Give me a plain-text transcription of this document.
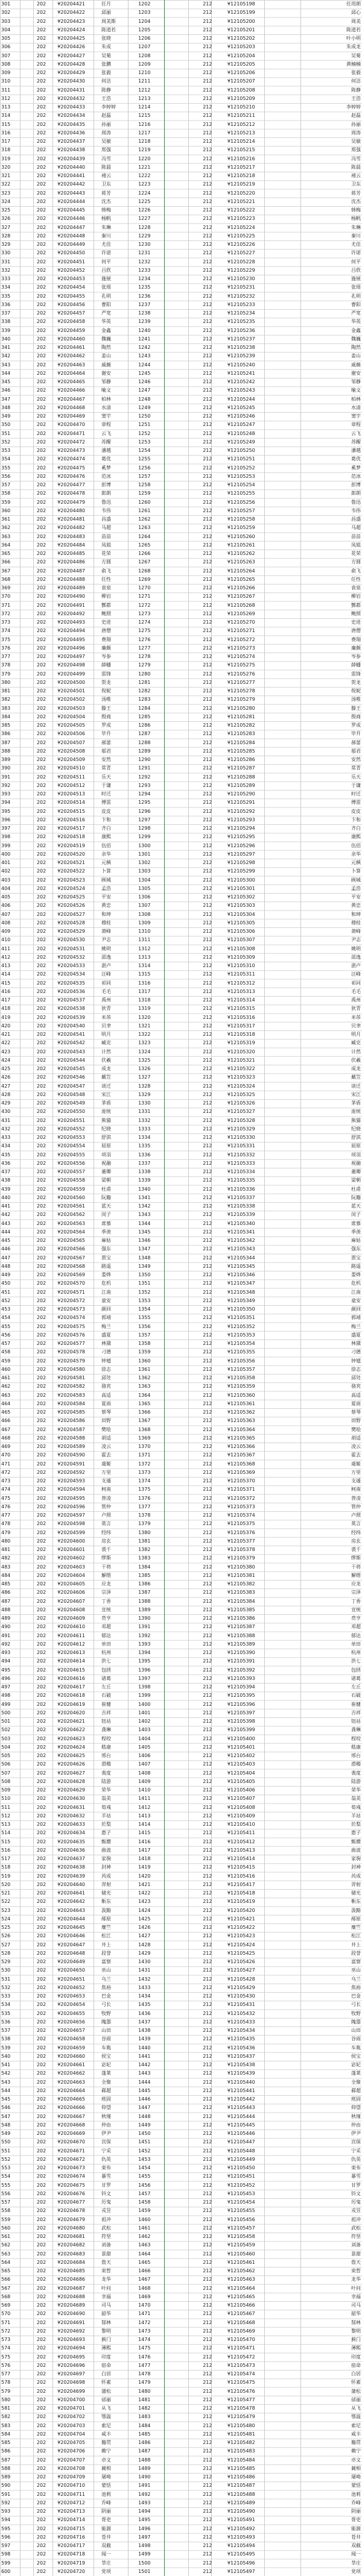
301		202	¥20204421	任月	1202		212	¥12105198		任用朗
302		202	¥20204422	邱丽	1203		212	¥12105199		邱心
303		202	¥20204423	周美斯	1204		212	¥12105200		周美
304		202	¥20204424	陈道若	1205		212	¥12105201		陈道若
305		202	¥20204425	张晓	1206		212	¥12105202		叶小明
306		202	¥20204426	朱成	1207		212	¥12105203		朱成龙
307		202	¥20204427	吴菊	1208		212	¥12105204		吴菊
308		202	¥20204428	张鹏	1209		212	¥12105205		黄楠楠
309		202	¥20204429	张毅	1210		212	¥12105206		张毅
310		202	¥20204430	何洁	1211		212	¥12105207		何洁
311		202	¥20204431	陈静	1212		212	¥12105208		陈静
312		202	¥20204432	王浩	1213		212	¥12105209		王浩
313		202	¥20204433	李婷婷	1214		212	¥12105210		李婷婷
314		202	¥20204434	赵磊	1215		212	¥12105211		赵磊
315		202	¥20204435	孙丽	1216		212	¥12105212		孙丽
316		202	¥20204436	周涛	1217		212	¥12105213		周涛
317		202	¥20204437	吴敏	1218		212	¥12105214		吴敏
318		202	¥20204438	郑强	1219		212	¥12105215		郑强
319		202	¥20204439	冯雪	1220		212	¥12105216		冯雪
320		202	¥20204440	陈晨	1221		212	¥12105217		陈晨
321		202	¥20204441	褚云	1222		212	¥12105218		褚云
322		202	¥20204442	卫东	1223		212	¥12105219		卫东
323		202	¥20204443	蒋芳	1224		212	¥12105220		蒋芳
324		202	¥20204444	沈杰	1225		212	¥12105221		沈杰
325		202	¥20204445	韩梅	1226		212	¥12105222		韩梅
326		202	¥20204446	杨帆	1227		212	¥12105223		杨帆
327		202	¥20204447	朱琳	1228		212	¥12105224		朱琳
328		202	¥20204448	秦川	1229		212	¥12105225		秦川
329		202	¥20204449	尤佳	1230		212	¥12105226		尤佳
330		202	¥20204450	许诺	1231		212	¥12105227		许诺
331		202	¥20204451	何平	1232		212	¥12105228		何平
332		202	¥20204452	吕欣	1233		212	¥12105229		吕欣
333		202	¥20204453	施展	1234		212	¥12105230		施展
334		202	¥20204454	张瑶	1235		212	¥12105231		张瑶
335		202	¥20204455	孔明	1236		212	¥12105232		孔明
336		202	¥20204456	曹阳	1237		212	¥12105233		曹阳
337		202	¥20204457	严宽	1238		212	¥12105234		严宽
338		202	¥20204458	华英	1239		212	¥12105235		华英
339		202	¥20204459	金鑫	1240		212	¥12105236		金鑫
340		202	¥20204460	魏巍	1241		212	¥12105237		魏巍
341		202	¥20204461	陶然	1242		212	¥12105238		陶然
342		202	¥20204462	姜山	1243		212	¥12105239		姜山
343		202	¥20204463	戚薇	1244		212	¥12105240		戚薇
344		202	¥20204464	谢安	1245		212	¥12105241		谢安
345		202	¥20204465	邹静	1246		212	¥12105242		邹静
346		202	¥20204466	喻文	1247		212	¥12105243		喻文
347		202	¥20204467	柏林	1248		212	¥12105244		柏林
348		202	¥20204468	水清	1249		212	¥12105245		水清
349		202	¥20204469	窦宇	1250		212	¥12105246		窦宇
350		202	¥20204470	章程	1251		212	¥12105247		章程
351		202	¥20204471	云飞	1252		212	¥12105248		云飞
352		202	¥20204472	苏醒	1253		212	¥12105249		苏醒
353		202	¥20204473	潘越	1254		212	¥12105250		潘越
354		202	¥20204474	葛优	1255		212	¥12105251		葛优
355		202	¥20204475	奚梦	1256		212	¥12105252		奚梦
356		202	¥20204476	范冰	1257		212	¥12105253		范冰
357		202	¥20204477	彭博	1258		212	¥12105254		彭博
358		202	¥20204478	郎朗	1259		212	¥12105255		郎朗
359		202	¥20204479	鲁迅	1260		212	¥12105256		鲁迅
360		202	¥20204480	韦伟	1261		212	¥12105257		韦伟
361		202	¥20204481	昌盛	1262		212	¥12105258		昌盛
362		202	¥20204482	马超	1263		212	¥12105259		马超
363		202	¥20204483	苗苗	1264		212	¥12105260		苗苗
364		202	¥20204484	凤姐	1265		212	¥12105261		凤姐
365		202	¥20204485	花荣	1266		212	¥12105262		花荣
366		202	¥20204486	方圆	1267		212	¥12105263		方圆
367		202	¥20204487	俞飞	1268		212	¥12105264		俞飞
368		202	¥20204488	任性	1269		212	¥12105265		任性
369		202	¥20204489	袁泉	1270		212	¥12105266		袁泉
370		202	¥20204490	柳岩	1271		212	¥12105267		柳岩
371		202	¥20204491	酆都	1272		212	¥12105268		酆都
372		202	¥20204492	鲍照	1273		212	¥12105269		鲍照
373		202	¥20204493	史进	1274		212	¥12105270		史进
374		202	¥20204494	唐僧	1275		212	¥12105271		唐僧
375		202	¥20204495	费翔	1276		212	¥12105272		费翔
376		202	¥20204496	廉颇	1277		212	¥12105273		廉颇
377		202	¥20204497	岑参	1278		212	¥12105274		岑参
378		202	¥20204498	薛蟠	1279		212	¥12105275		薛蟠
379		202	¥20204499	雷锋	1280		212	¥12105276		雷锋
380		202	¥20204500	贺龙	1281		212	¥12105277		贺龙
381		202	¥20204501	倪妮	1282		212	¥12105278		倪妮
382		202	¥20204502	汤唯	1283		212	¥12105279		汤唯
383		202	¥20204503	滕王	1284		212	¥12105280		滕王
384		202	¥20204504	殷商	1285		212	¥12105281		殷商
385		202	¥20204505	罗成	1286		212	¥12105282		罗成
386		202	¥20204506	毕升	1287		212	¥12105283		毕升
387		202	¥20204507	郝蕾	1288		212	¥12105284		郝蕾
388		202	¥20204508	邬君	1289		212	¥12105285		邬君
389		202	¥20204509	安然	1290		212	¥12105286		安然
390		202	¥20204510	常青	1291		212	¥12105287		常青
391		202	¥20204511	乐天	1292		212	¥12105288		乐天
392		202	¥20204512	于谦	1293		212	¥12105289		于谦
393		202	¥20204513	时迁	1294		212	¥12105290		时迁
394		202	¥20204514	傅雷	1295		212	¥12105291		傅雷
395		202	¥20204515	皮皮	1296		212	¥12105292		皮皮
396		202	¥20204516	卞和	1297		212	¥12105293		卞和
397		202	¥20204517	齐白	1298		212	¥12105294		齐白
398		202	¥20204518	康熙	1299		212	¥12105295		康熙
399		202	¥20204519	伍佰	1300		212	¥12105296		伍佰
400		202	¥20204520	余华	1301		212	¥12105297		余华
401		202	¥20204521	元稹	1302		212	¥12105298		元稹
402		202	¥20204522	卜算	1303		212	¥12105299		卜算
403		202	¥20204523	顾城	1304		212	¥12105300		顾城
404		202	¥20204524	孟浩	1305		212	¥12105301		孟浩
405		202	¥20204525	平安	1306		212	¥12105302		平安
406		202	¥20204526	黄忠	1307		212	¥12105303		黄忠
407		202	¥20204527	和珅	1308		212	¥12105304		和珅
408		202	¥20204528	穆桂	1309		212	¥12105305		穆桂
409		202	¥20204529	萧峰	1310		212	¥12105306		萧峰
410		202	¥20204530	尹志	1311		212	¥12105307		尹志
411		202	¥20204531	姚明	1312		212	¥12105308		姚明
412		202	¥20204532	邵逸	1313		212	¥12105309		邵逸
413		202	¥20204533	湛卢	1314		212	¥12105310		湛卢
414		202	¥20204534	汪峰	1315		212	¥12105311		汪峰
415		202	¥20204535	祁同	1316		212	¥12105312		祁同
416		202	¥20204536	毛毛	1317		212	¥12105313		毛毛
417		202	¥20204537	禹州	1318		212	¥12105314		禹州
418		202	¥20204538	狄青	1319		212	¥12105315		狄青
419		202	¥20204539	米芾	1320		212	¥12105316		米芾
420		202	¥20204540	贝聿	1321		212	¥12105317		贝聿
421		202	¥20204541	明月	1322		212	¥12105318		明月
422		202	¥20204542	臧克	1323		212	¥12105319		臧克
423		202	¥20204543	计然	1324		212	¥12105320		计然
424		202	¥20204544	伏羲	1325		212	¥12105321		伏羲
425		202	¥20204545	成龙	1326		212	¥12105322		成龙
426		202	¥20204546	戴笠	1327		212	¥12105323		戴笠
427		202	¥20204547	谈迁	1328		212	¥12105324		谈迁
428		202	¥20204548	宋江	1329		212	¥12105325		宋江
429		202	¥20204549	茅盾	1330		212	¥12105326		茅盾
430		202	¥20204550	庞统	1331		212	¥12105327		庞统
431		202	¥20204551	熊猫	1332		212	¥12105328		熊猫
432		202	¥20204552	纪晓	1333		212	¥12105329		纪晓
433		202	¥20204553	舒淇	1334		212	¥12105330		舒淇
434		202	¥20204554	屈原	1335		212	¥12105331		屈原
435		202	¥20204555	项羽	1336		212	¥12105332		项羽
436		202	¥20204556	祝融	1337		212	¥12105333		祝融
437		202	¥20204557	董卿	1338		212	¥12105334		董卿
438		202	¥20204558	梁朝	1339		212	¥12105335		梁朝
439		202	¥20204559	杜甫	1340		212	¥12105336		杜甫
440		202	¥20204560	阮籍	1341		212	¥12105337		阮籍
441		202	¥20204561	蓝天	1342		212	¥12105338		蓝天
442		202	¥20204562	闵子	1343		212	¥12105339		闵子
443		202	¥20204563	席慕	1344		212	¥12105340		席慕
444		202	¥20204564	季羡	1345		212	¥12105341		季羡
445		202	¥20204565	麻姑	1346		212	¥12105342		麻姑
446		202	¥20204566	强东	1347		212	¥12105343		强东
447		202	¥20204567	贾宝	1348		212	¥12105344		贾宝
448		202	¥20204568	路遥	1349		212	¥12105345		路遥
449		202	¥20204569	娄烨	1350		212	¥12105346		娄烨
450		202	¥20204570	危机	1351		212	¥12105347		危机
451		202	¥20204571	江南	1352		212	¥12105348		江南
452		202	¥20204572	童安	1353		212	¥12105349		童安
453		202	¥20204573	颜回	1354		212	¥12105350		颜回
454		202	¥20204574	郭靖	1355		212	¥12105351		郭靖
455		202	¥20204575	梅兰	1356		212	¥12105352		梅兰
456		202	¥20204576	盛夏	1357		212	¥12105353		盛夏
457		202	¥20204577	林黛	1358		212	¥12105354		林黛
458		202	¥20204578	刁德	1359		212	¥12105355		刁德
459		202	¥20204579	钟馗	1360		212	¥12105356		钟馗
460		202	¥20204580	徐志	1361		212	¥12105357		徐志
461		202	¥20204581	邱处	1362		212	¥12105358		邱处
462		202	¥20204582	骆宾	1363		212	¥12105359		骆宾
463		202	¥20204583	高适	1364		212	¥12105360		高适
464		202	¥20204584	夏雨	1365		212	¥12105361		夏雨
465		202	¥20204585	蔡琴	1366		212	¥12105362		蔡琴
466		202	¥20204586	田野	1367		212	¥12105363		田野
467		202	¥20204587	樊哙	1368		212	¥12105364		樊哙
468		202	¥20204588	胡适	1369		212	¥12105365		胡适
469		202	¥20204589	凌云	1370		212	¥12105366		凌云
470		202	¥20204590	霍去	1371		212	¥12105367		霍去
471		202	¥20204591	虞姬	1372		212	¥12105368		虞姬
472		202	¥20204592	万里	1373		212	¥12105369		万里
473		202	¥20204593	支遁	1374		212	¥12105370		支遁
474		202	¥20204594	柯南	1375		212	¥12105371		柯南
475		202	¥20204595	昝凌	1376		212	¥12105372		昝凌
476		202	¥20204596	管仲	1377		212	¥12105373		管仲
477		202	¥20204597	卢照	1378		212	¥12105374		卢照
478		202	¥20204598	莫言	1379		212	¥12105375		莫言
479		202	¥20204599	经纬	1380		212	¥12105376		经纬
480		202	¥20204600	房玄	1381		212	¥12105377		房玄
481		202	¥20204601	裘千	1382		212	¥12105378		裘千
482		202	¥20204602	缪斯	1383		212	¥12105379		缪斯
483		202	¥20204603	干将	1384		212	¥12105380		干将
484		202	¥20204604	解缙	1385		212	¥12105381		解缙
485		202	¥20204605	应龙	1386		212	¥12105382		应龙
486		202	¥20204606	宗泽	1387		212	¥12105383		宗泽
487		202	¥20204607	丁香	1388		212	¥12105384		丁香
488		202	¥20204608	宣统	1389		212	¥12105385		宣统
489		202	¥20204609	贲亨	1390		212	¥12105386		贲亨
490		202	¥20204610	邓超	1391		212	¥12105387		邓超
491		202	¥20204611	郁达	1392		212	¥12105388		郁达
492		202	¥20204612	单田	1393		212	¥12105389		单田
493		202	¥20204613	杭州	1394		212	¥12105390		杭州
494		202	¥20204614	洪七	1395		212	¥12105391		洪七
495		202	¥20204615	包拯	1396		212	¥12105392		包拯
496		202	¥20204616	诸葛	1397		212	¥12105393		诸葛
497		202	¥20204617	左丘	1398		212	¥12105394		左丘
498		202	¥20204618	石破	1399		212	¥12105395		石破
499		202	¥20204619	崔健	1400		212	¥12105396		崔健
500		202	¥20204620	吉祥	1401		212	¥12105397		吉祥
501		202	¥20204621	钮祜	1402		212	¥12105398		钮祜
502		202	¥20204622	龚琳	1403		212	¥12105399		龚琳
503		202	¥20204623	程咬	1404		212	¥12105400		程咬
504		202	¥20204624	嵇康	1405		212	¥12105401		嵇康
505		202	¥20204625	邢台	1406		212	¥12105402		邢台
506		202	¥20204626	滑稽	1407		212	¥12105403		滑稽
507		202	¥20204627	裴度	1408		212	¥12105404		裴度
508		202	¥20204628	陆游	1409		212	¥12105405		陆游
509		202	¥20204629	荣华	1410		212	¥12105406		荣华
510		202	¥20204630	翁美	1411		212	¥12105407		翁美
511		202	¥20204631	荀彧	1412		212	¥12105408		荀彧
512		202	¥20204632	羊祜	1413		212	¥12105409		羊祜
513		202	¥20204633	於梨	1414		212	¥12105410		於梨
514		202	¥20204634	惠子	1415		212	¥12105411		惠子
515		202	¥20204635	甄嬛	1416		212	¥12105412		甄嬛
516		202	¥20204636	曲波	1417		212	¥12105413		曲波
517		202	¥20204637	家驹	1418		212	¥12105414		家驹
518		202	¥20204638	封神	1419		212	¥12105415		封神
519		202	¥20204639	芮成	1420		212	¥12105416		芮成
520		202	¥20204640	羿射	1421		212	¥12105417		羿射
521		202	¥20204641	储光	1422		212	¥12105418		储光
522		202	¥20204642	靳东	1423		212	¥12105419		靳东
523		202	¥20204643	汲黯	1424		212	¥12105420		汲黯
524		202	¥20204644	邴原	1425		212	¥12105421		邴原
525		202	¥20204645	糜竺	1426		212	¥12105422		糜竺
526		202	¥20204646	松江	1427		212	¥12105423		松江
527		202	¥20204647	井上	1428		212	¥12105424		井上
528		202	¥20204648	段誉	1429		212	¥12105425		段誉
529		202	¥20204649	富察	1430		212	¥12105426		富察
530		202	¥20204650	巫山	1431		212	¥12105427		巫山
531		202	¥20204651	乌兰	1432		212	¥12105428		乌兰
532		202	¥20204652	焦裕	1433		212	¥12105429		焦裕
533		202	¥20204653	巴金	1434		212	¥12105430		巴金
534		202	¥20204654	弓长	1435		212	¥12105431		弓长
535		202	¥20204655	牧野	1436		212	¥12105432		牧野
536		202	¥20204656	隗嚣	1437		212	¥12105433		隗嚣
537		202	¥20204657	山田	1438		212	¥12105434		山田
538		202	¥20204658	谷雨	1439		212	¥12105435		谷雨
539		202	¥20204659	车胤	1440		212	¥12105436		车胤
540		202	¥20204660	侯宝	1441		212	¥12105437		侯宝
541		202	¥20204661	宓妃	1442		212	¥12105438		宓妃
542		202	¥20204662	蓬莱	1443		212	¥12105439		蓬莱
543		202	¥20204663	全聚	1444		212	¥12105440		全聚
544		202	¥20204664	郗超	1445		212	¥12105441		郗超
545		202	¥20204665	班固	1446		212	¥12105442		班固
546		202	¥20204666	仰望	1447		212	¥12105443		仰望
547		202	¥20204667	秋瑾	1448		212	¥12105444		秋瑾
548		202	¥20204668	仲由	1449		212	¥12105445		仲由
549		202	¥20204669	伊尹	1450		212	¥12105446		伊尹
550		202	¥20204670	宫保	1451		212	¥12105447		宫保
551		202	¥20204671	宁采	1452		212	¥12105448		宁采
552		202	¥20204672	仇英	1453		212	¥12105449		仇英
553		202	¥20204673	栾布	1454		212	¥12105450		栾布
554		202	¥20204674	暴雪	1455		212	¥12105451		暴雪
555		202	¥20204675	甘罗	1456		212	¥12105452		甘罗
556		202	¥20204676	钭文	1457		212	¥12105453		钭文
557		202	¥20204677	厉鬼	1458		212	¥12105454		厉鬼
558		202	¥20204678	戎昱	1459		212	¥12105455		戎昱
559		202	¥20204679	祖冲	1460		212	¥12105456		祖冲
560		202	¥20204680	武松	1461		212	¥12105457		武松
561		202	¥20204681	符坚	1462		212	¥12105458		符坚
562		202	¥20204682	刘备	1463		212	¥12105459		刘备
563		202	¥20204683	景甜	1464		212	¥12105460		景甜
564		202	¥20204684	詹天	1465		212	¥12105461		詹天
565		202	¥20204685	束晳	1466		212	¥12105462		束晳
566		202	¥20204686	龙华	1467		212	¥12105463		龙华
567		202	¥20204687	叶问	1468		212	¥12105464		叶问
568		202	¥20204688	幸福	1469		212	¥12105465		幸福
569		202	¥20204689	司马	1470		212	¥12105466		司马
570		202	¥20204690	韶华	1471		212	¥12105467		韶华
571		202	¥20204691	郜林	1472		212	¥12105468		郜林
572		202	¥20204692	黎明	1473		212	¥12105469		黎明
573		202	¥20204693	蓟门	1474		212	¥12105470		蓟门
574		202	¥20204694	薄熙	1475		212	¥12105471		薄熙
575		202	¥20204695	印度	1476		212	¥12105472		印度
576		202	¥20204696	宿命	1477		212	¥12105473		宿命
577		202	¥20204697	白居	1478		212	¥12105474		白居
578		202	¥20204698	怀素	1479		212	¥12105475		怀素
579		202	¥20204699	蒲松	1480		212	¥12105476		蒲松
580		202	¥20204700	邰丽	1481		212	¥12105477		邰丽
581		202	¥20204701	从飞	1482		212	¥12105478		从飞
582		202	¥20204702	鄂温	1483		212	¥12105479		鄂温
583		202	¥20204703	索尼	1484		212	¥12105480		索尼
584		202	¥20204704	咸丰	1485		212	¥12105481		咸丰
585		202	¥20204705	籍贯	1486		212	¥12105482		籍贯
586		202	¥20204706	赖宁	1487		212	¥12105483		赖宁
587		202	¥20204707	卓文	1488		212	¥12105484		卓文
588		202	¥20204708	蔺相	1489		212	¥12105485		蔺相
589		202	¥20204709	屠呦	1490		212	¥12105486		屠呦
590		202	¥20204710	蒙恬	1491		212	¥12105487		蒙恬
591		202	¥20204711	池莉	1492		212	¥12105488		池莉
592		202	¥20204712	乔峰	1493		212	¥12105489		乔峰
593		202	¥20204713	阴丽	1494		212	¥12105490		阴丽
594		202	¥20204714	胥吏	1495		212	¥12105491		胥吏
595		202	¥20204715	能源	1496		212	¥12105492		能源
596		202	¥20204716	苍井	1497		212	¥12105493		苍井
597		202	¥20204717	双截	1498		212	¥12105494		双截
598		202	¥20204718	闻一	1499		212	¥12105495		闻一
599		202	¥20204719	莘庄	1500		212	¥12105496		莘庄
600		202	¥20204720	党项	1501		212	¥12105497		党项
